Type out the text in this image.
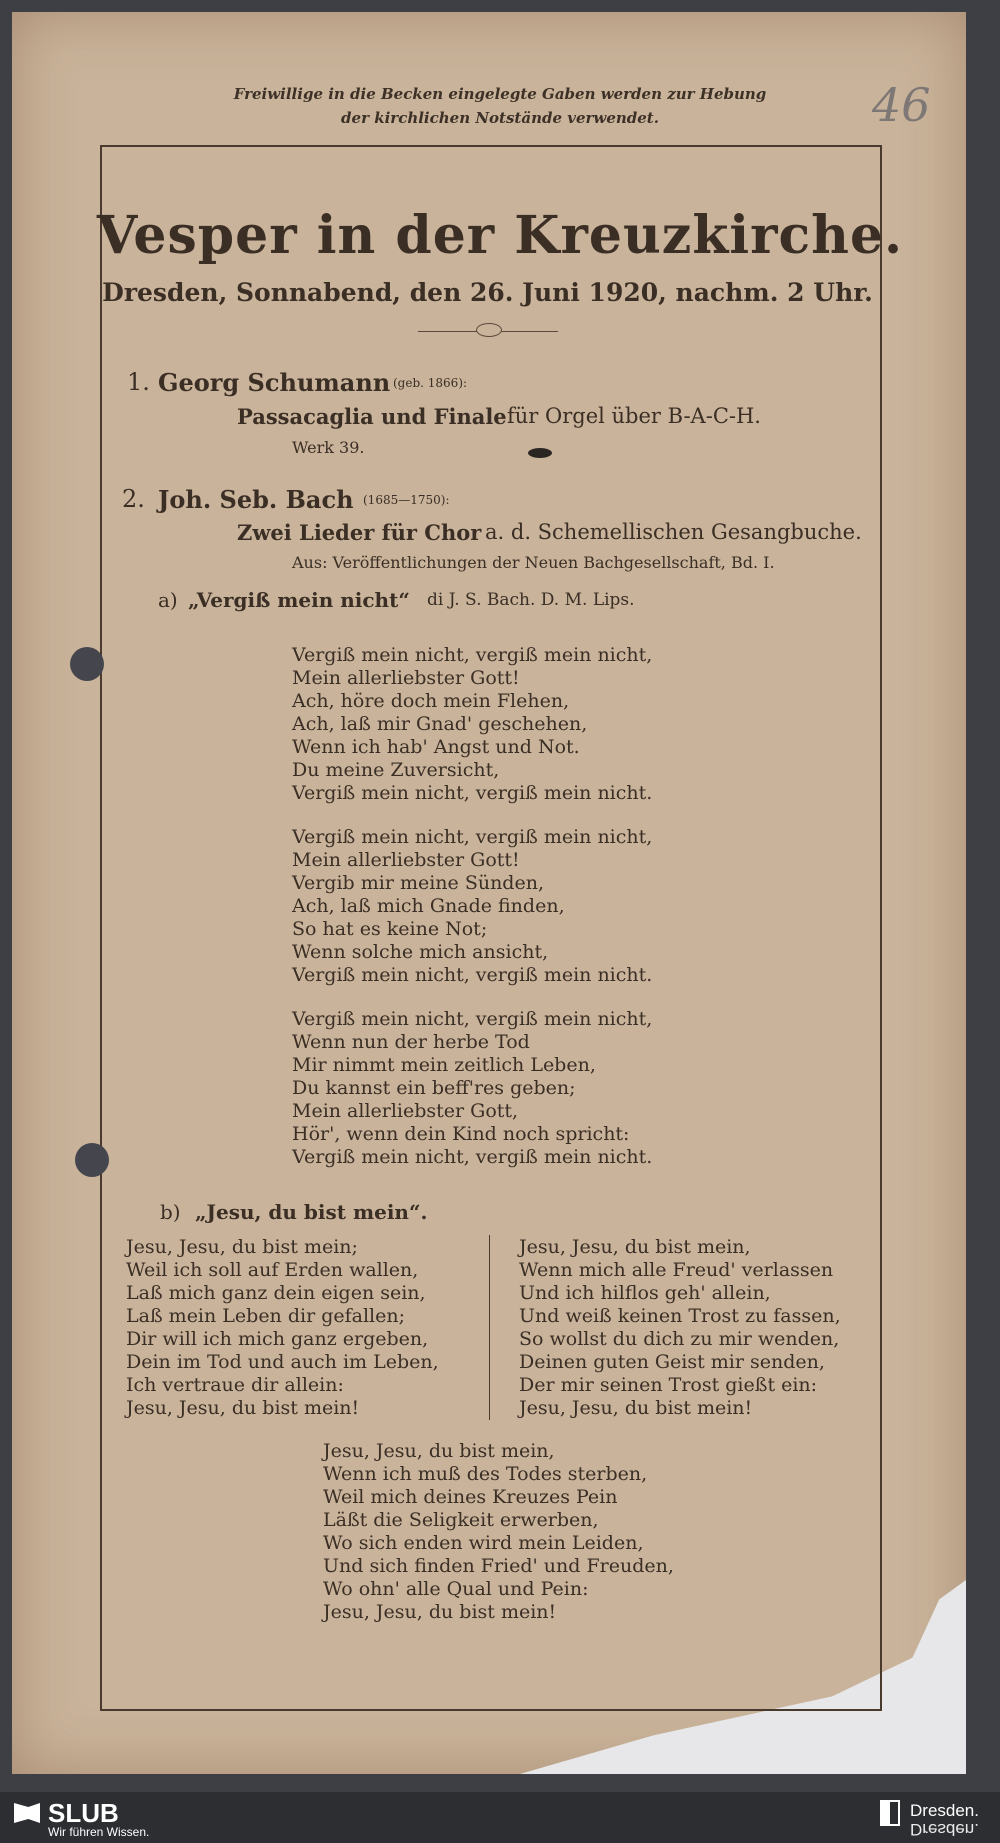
Freiwillige in die Becken eingelegte Gaben werden zur Hebung
der kirchlichen Notstände verwendet.	46
Vesper in der Kreuzkirche.
Dresden, Sonnabend, den 26. Juni 1920, nachm. 2 Uhr.
1. Georg Schumann (geb. 1866):
Passacaglia und Finale für Orgel über B-A-C-H.
Werk 39.
2. Joh. Seb. Bach (1685—1750):
Zwei Lieder für Chor a. d. Schemellischen Gesangbuche.
Aus: Veröffentlichungen der Neuen Bachgesellschaft, Bd. I.
a) „Vergiß mein nicht“ di J. S. Bach. D. M. Lips.
Vergiß mein nicht, vergiß mein nicht,
Mein allerliebster Gott!
Ach, höre doch mein Flehen,
Ach, laß mir Gnad' geschehen,
Wenn ich hab' Angst und Not.
Du meine Zuversicht,
Vergiß mein nicht, vergiß mein nicht.
Vergiß mein nicht, vergiß mein nicht,
Mein allerliebster Gott!
Vergib mir meine Sünden,
Ach, laß mich Gnade finden,
So hat es keine Not;
Wenn solche mich ansicht,
Vergiß mein nicht, vergiß mein nicht.
Vergiß mein nicht, vergiß mein nicht,
Wenn nun der herbe Tod
Mir nimmt mein zeitlich Leben,
Du kannst ein beff'res geben;
Mein allerliebster Gott,
Hör', wenn dein Kind noch spricht:
Vergiß mein nicht, vergiß mein nicht.
b) „Jesu, du bist mein“.
Jesu, Jesu, du bist mein;
Weil ich soll auf Erden wallen,
Laß mich ganz dein eigen sein,
Laß mein Leben dir gefallen;
Dir will ich mich ganz ergeben,
Dein im Tod und auch im Leben,
Ich vertraue dir allein:
Jesu, Jesu, du bist mein!
Jesu, Jesu, du bist mein,
Wenn mich alle Freud' verlassen
Und ich hilflos geh' allein,
Und weiß keinen Trost zu fassen,
So wollst du dich zu mir wenden,
Deinen guten Geist mir senden,
Der mir seinen Trost gießt ein:
Jesu, Jesu, du bist mein!
Jesu, Jesu, du bist mein,
Wenn ich muß des Todes sterben,
Weil mich deines Kreuzes Pein
Läßt die Seligkeit erwerben,
Wo sich enden wird mein Leiden,
Und sich finden Fried' und Freuden,
Wo ohn' alle Qual und Pein:
Jesu, Jesu, du bist mein!
SLUB
Wir führen Wissen.
Dresden.
Dresden.
